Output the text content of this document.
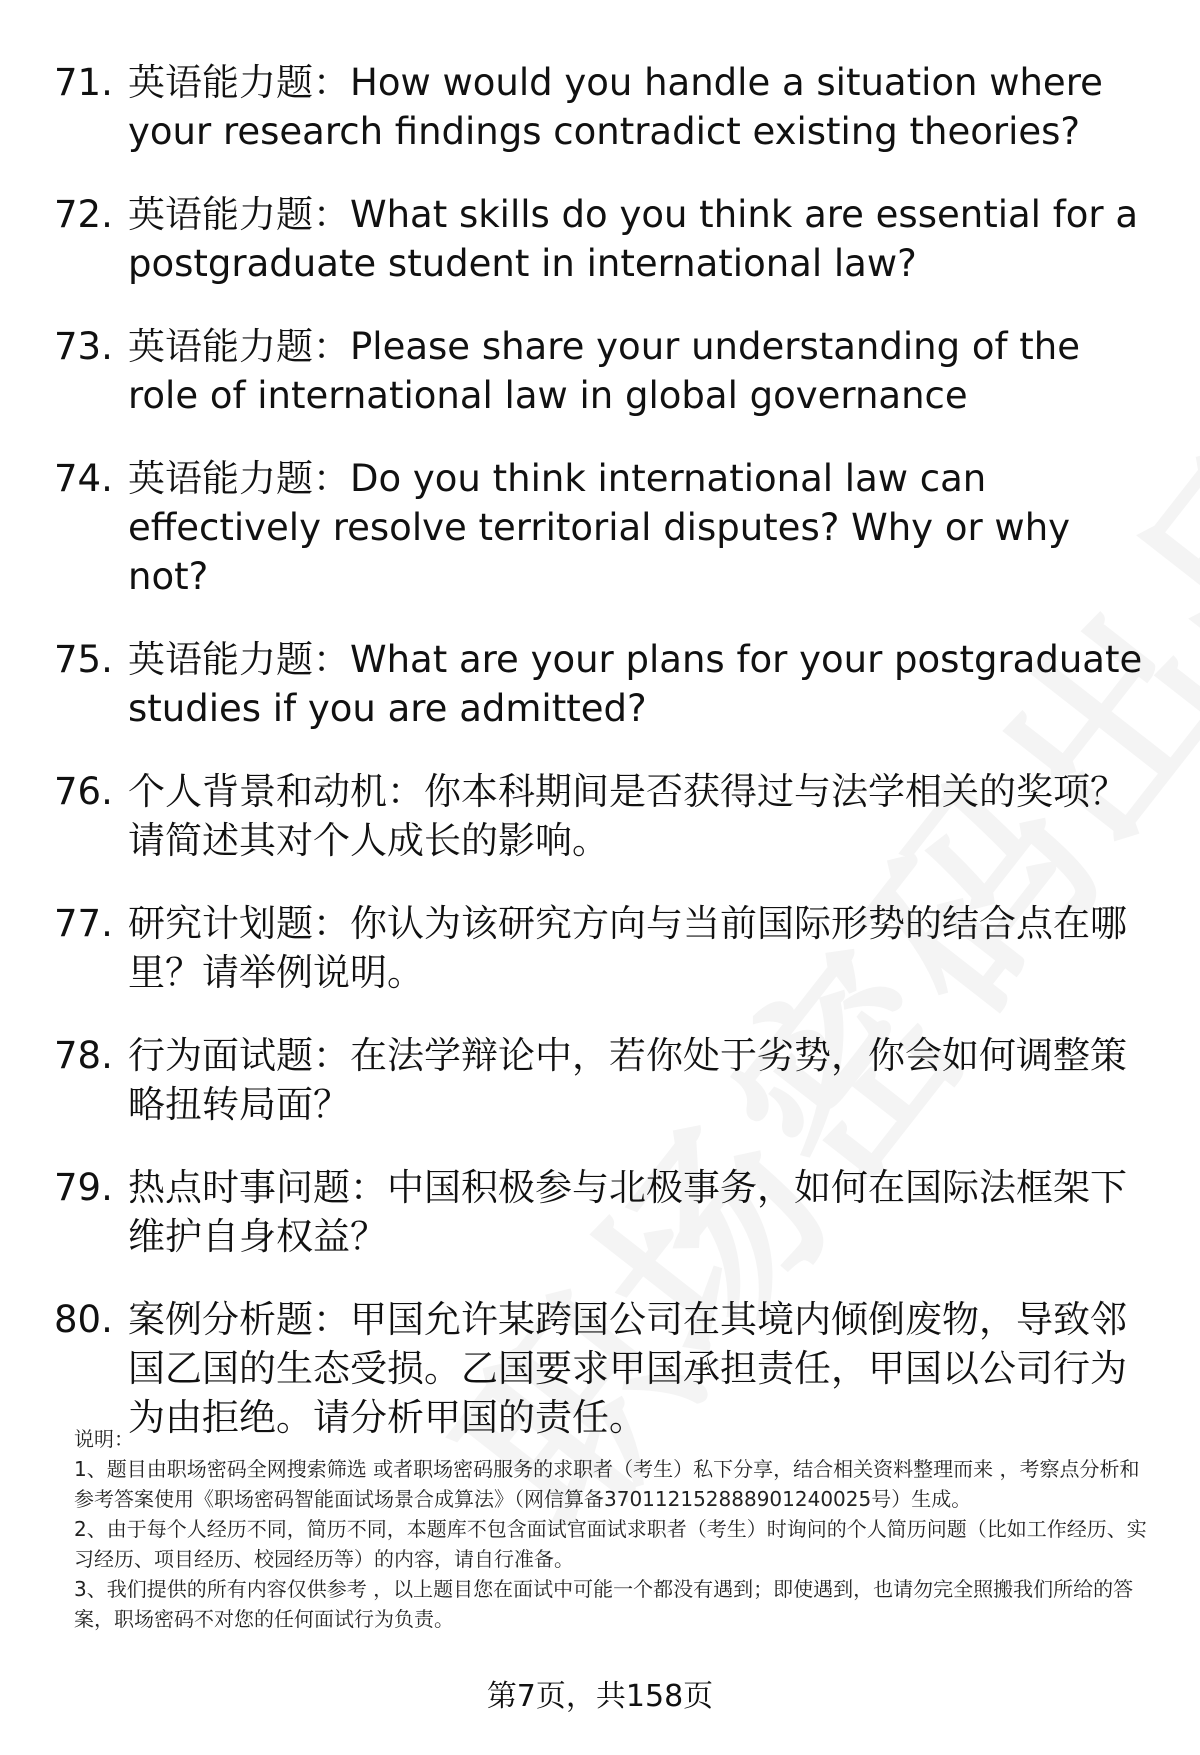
71. 英语能力题：How would you handle a situation where your research findings contradict existing theories?
72. 英语能力题：What skills do you think are essential for a postgraduate student in international law?
73. 英语能力题：Please share your understanding of the role of international law in global governance
74. 英语能力题：Do you think international law can effectively resolve territorial disputes? Why or why not?
75. 英语能力题：What are your plans for your postgraduate studies if you are admitted?
76. 个人背景和动机：你本科期间是否获得过与法学相关的奖项？请简述其对个人成长的影响。
77. 研究计划题：你认为该研究方向与当前国际形势的结合点在哪里？请举例说明。
78. 行为面试题：在法学辩论中，若你处于劣势，你会如何调整策略扭转局面？
79. 热点时事问题：中国积极参与北极事务，如何在国际法框架下维护自身权益？
80. 案例分析题：甲国允许某跨国公司在其境内倾倒废物，导致邻国乙国的生态受损。乙国要求甲国承担责任，甲国以公司行为为由拒绝。请分析甲国的责任。

说明：

1、题目由职场密码全网搜索筛选 或者职场密码服务的求职者（考生）私下分享，结合相关资料整理而来 ，考察点分析和参考答案使用《职场密码智能面试场景合成算法》（网信算备370112152888901240025号）生成。

2、由于每个人经历不同，简历不同，本题库不包含面试官面试求职者（考生）时询问的个人简历问题（比如工作经历、实习经历、项目经历、校园经历等）的内容，请自行准备。

3、我们提供的所有内容仅供参考 ，以上题目您在面试中可能一个都没有遇到；即使遇到，也请勿完全照搬我们所给的答案，职场密码不对您的任何面试行为负责。

第7页，共158页
